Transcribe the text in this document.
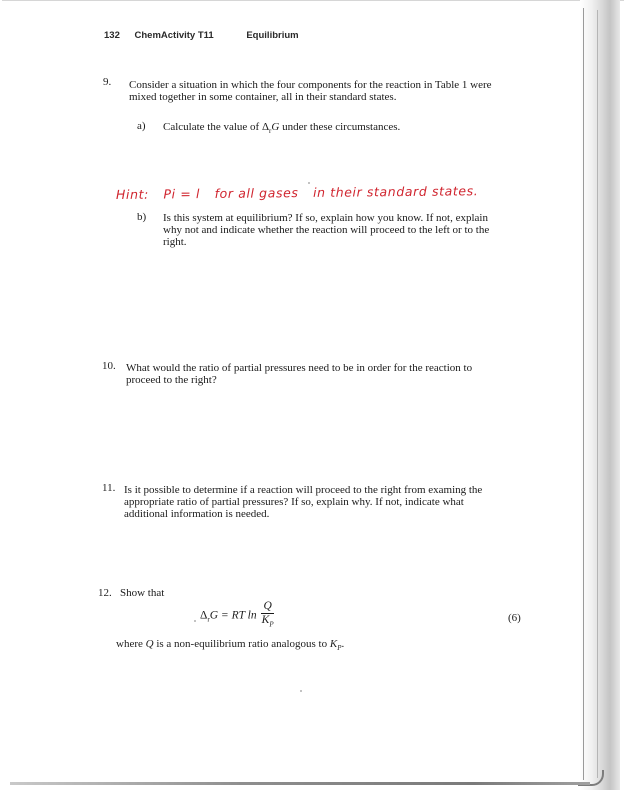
132 ChemActivity T11	Equilibrium
9. Consider a situation in which the four components for the reaction in Table 1 were
mixed together in some container, all in their standard states.
a) Calculate the value of $\Delta_rG$ under these circumstances.
Hint: Pi = l for all gases in their standard states.
b) Is this system at equilibrium? If so, explain how you know. If not, explain
why not and indicate whether the reaction will proceed to the left or to the
right.
10. What would the ratio of partial pressures need to be in order for the reaction to
proceed to the right?
11. Is it possible to determine if a reaction will proceed to the right from examing the
appropriate ratio of partial pressures? If so, explain why. If not, indicate what
additional information is needed.
12. Show that
$\Delta_rG$ = RT $\ln \frac{Q}{K_P}$	(6)
where Q is a non-equilibrium ratio analogous to $K_P$.
